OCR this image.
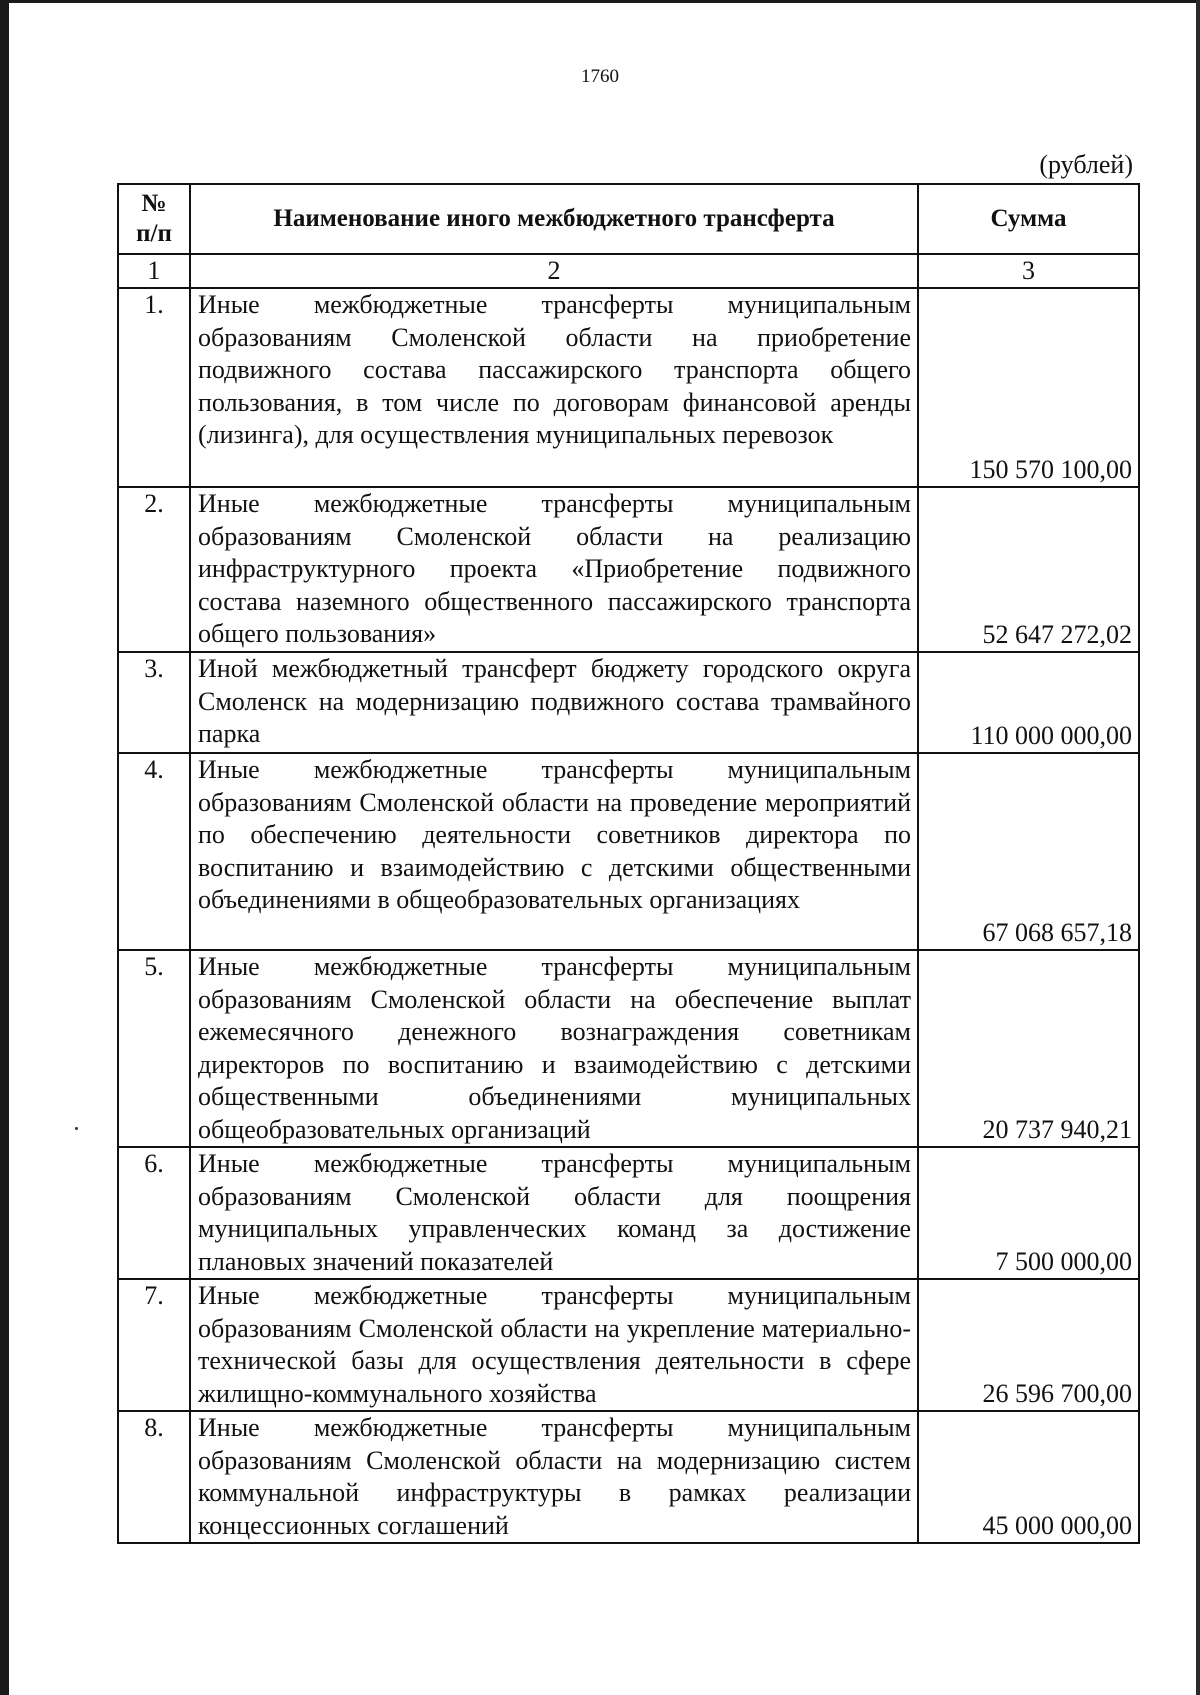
1760
(рублей)
№ п/п	Наименование иного межбюджетного трансферта	Сумма
1	2	3
1.	Иные межбюджетные трансферты муниципальным образованиям Смоленской области на приобретение подвижного состава пассажирского транспорта общего пользования, в том числе по договорам финансовой аренды (лизинга), для осуществления муниципальных перевозок	150 570 100,00
2.	Иные межбюджетные трансферты муниципальным образованиям Смоленской области на реализацию инфраструктурного проекта «Приобретение подвижного состава наземного общественного пассажирского транспорта общего пользования»	52 647 272,02
3.	Иной межбюджетный трансферт бюджету городского округа Смоленск на модернизацию подвижного состава трамвайного парка	110 000 000,00
4.	Иные межбюджетные трансферты муниципальным образованиям Смоленской области на проведение мероприятий по обеспечению деятельности советников директора по воспитанию и взаимодействию с детскими общественными объединениями в общеобразовательных организациях	67 068 657,18
5.	Иные межбюджетные трансферты муниципальным образованиям Смоленской области на обеспечение выплат ежемесячного денежного вознаграждения советникам директоров по воспитанию и взаимодействию с детскими общественными объединениями муниципальных общеобразовательных организаций	20 737 940,21
6.	Иные межбюджетные трансферты муниципальным образованиям Смоленской области для поощрения муниципальных управленческих команд за достижение плановых значений показателей	7 500 000,00
7.	Иные межбюджетные трансферты муниципальным образованиям Смоленской области на укрепление материально-технической базы для осуществления деятельности в сфере жилищно-коммунального хозяйства	26 596 700,00
8.	Иные межбюджетные трансферты муниципальным образованиям Смоленской области на модернизацию систем коммунальной инфраструктуры в рамках реализации концессионных соглашений	45 000 000,00
